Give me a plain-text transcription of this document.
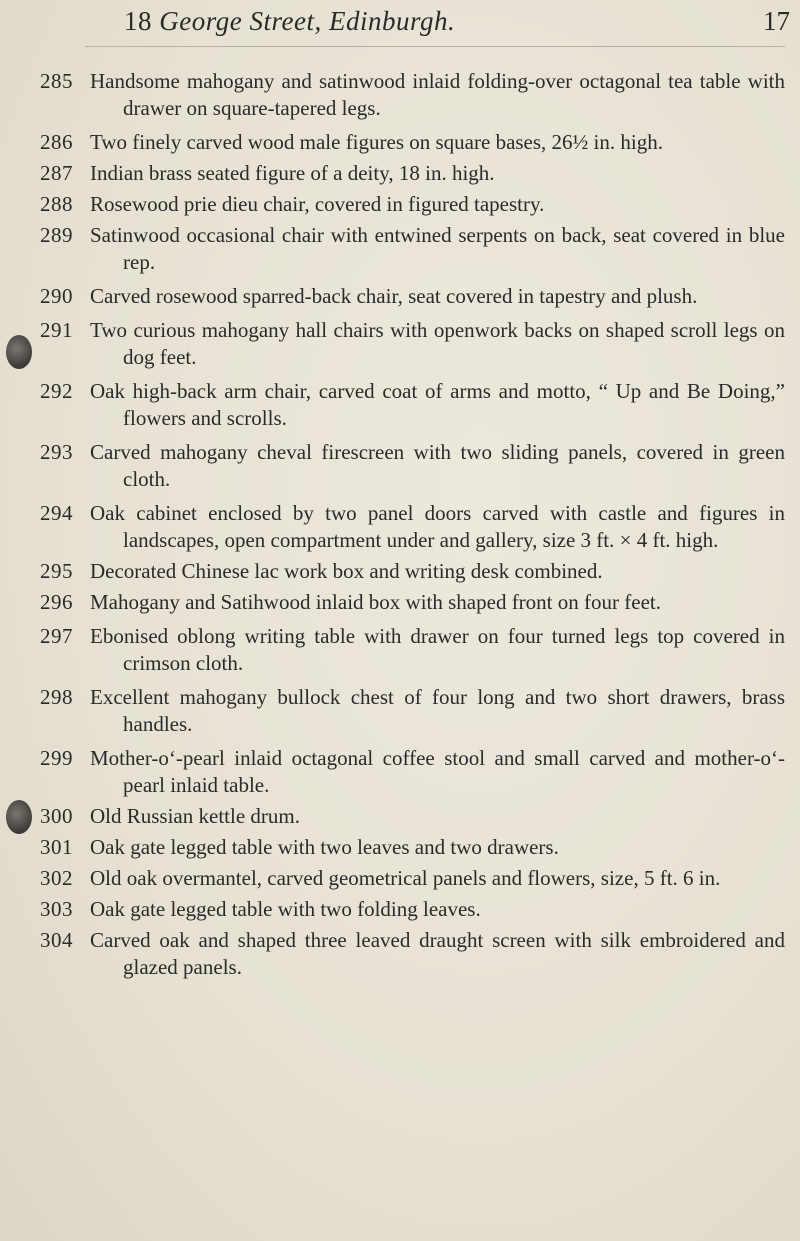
18 George Street, Edinburgh.	17
285 Handsome mahogany and satinwood inlaid folding-over octagonal tea table with drawer on square-tapered legs.
286 Two finely carved wood male figures on square bases, 26½ in. high.
287 Indian brass seated figure of a deity, 18 in. high.
288 Rosewood prie dieu chair, covered in figured tapestry.
289 Satinwood occasional chair with entwined serpents on back, seat covered in blue rep.
290 Carved rosewood sparred-back chair, seat covered in tapestry and plush.
291 Two curious mahogany hall chairs with openwork backs on shaped scroll legs on dog feet.
292 Oak high-back arm chair, carved coat of arms and motto, “ Up and Be Doing,” flowers and scrolls.
293 Carved mahogany cheval firescreen with two sliding panels, covered in green cloth.
294 Oak cabinet enclosed by two panel doors carved with castle and figures in landscapes, open compartment under and gallery, size 3 ft. × 4 ft. high.
295 Decorated Chinese lac work box and writing desk combined.
296 Mahogany and Satihwood inlaid box with shaped front on four feet.
297 Ebonised oblong writing table with drawer on four turned legs top covered in crimson cloth.
298 Excellent mahogany bullock chest of four long and two short drawers, brass handles.
299 Mother-o‘-pearl inlaid octagonal coffee stool and small carved and mother-o‘-pearl inlaid table.
300 Old Russian kettle drum.
301 Oak gate legged table with two leaves and two drawers.
302 Old oak overmantel, carved geometrical panels and flowers, size, 5 ft. 6 in.
303 Oak gate legged table with two folding leaves.
304 Carved oak and shaped three leaved draught screen with silk embroidered and glazed panels.
